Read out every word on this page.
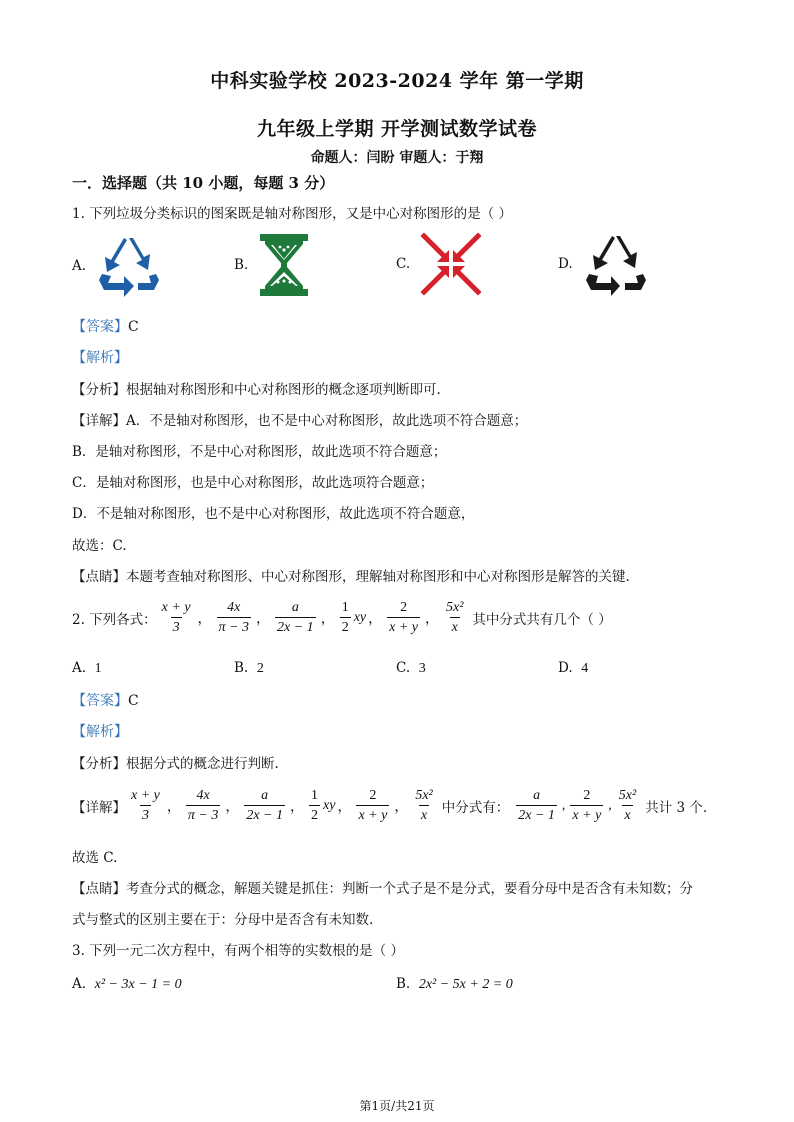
中科实验学校 2023-2024 学年 第一学期
九年级上学期 开学测试数学试卷
命题人：闫盼 审题人：于翔
一．选择题（共 10 小题，每题 3 分）
1. 下列垃圾分类标识的图案既是轴对称图形，又是中心对称图形的是（ ）
A.	B.	C.	D.
【答案】C
【解析】
【分析】根据轴对称图形和中心对称图形的概念逐项判断即可.
【详解】A．不是轴对称图形，也不是中心对称图形，故此选项不符合题意；
B．是轴对称图形，不是中心对称图形，故此选项不符合题意；
C．是轴对称图形，也是中心对称图形，故此选项符合题意；
D．不是轴对称图形，也不是中心对称图形，故此选项不符合题意，
故选：C.
【点睛】本题考查轴对称图形、中心对称图形，理解轴对称图形和中心对称图形是解答的关键.
2. 下列各式： $\frac{x + y}{3}$ ， $\frac{4x}{\pi - 3}$ ， $\frac{a}{2x - 1}$ ， $\frac{1}{2}$ xy ， $\frac{2}{x + y}$ ， $\frac{\text{5x²}}{x}$ 其中分式共有几个（ ）
A. 1	B. 2	C. 3	D. 4
【答案】C
【解析】
【分析】根据分式的概念进行判断.
【详解】 $\frac{x + y}{3}$ ， $\frac{4x}{\pi - 3}$ ， $\frac{a}{2x - 1}$ ， $\frac{1}{2}$ xy ， $\frac{2}{x + y}$ ， $\frac{\text{5x²}}{x}$ 中分式有： $\frac{a}{2x - 1}$ , $\frac{2}{x + y}$ , $\frac{\text{5x²}}{x}$ 共计 3 个.
故选 C.
【点睛】考查分式的概念，解题关键是抓住：判断一个式子是不是分式，要看分母中是否含有未知数；分
式与整式的区别主要在于：分母中是否含有未知数.
3. 下列一元二次方程中，有两个相等的实数根的是（ ）
A. x² − 3x − 1 = 0	B. 2x² − 5x + 2 = 0
第1页/共21页
